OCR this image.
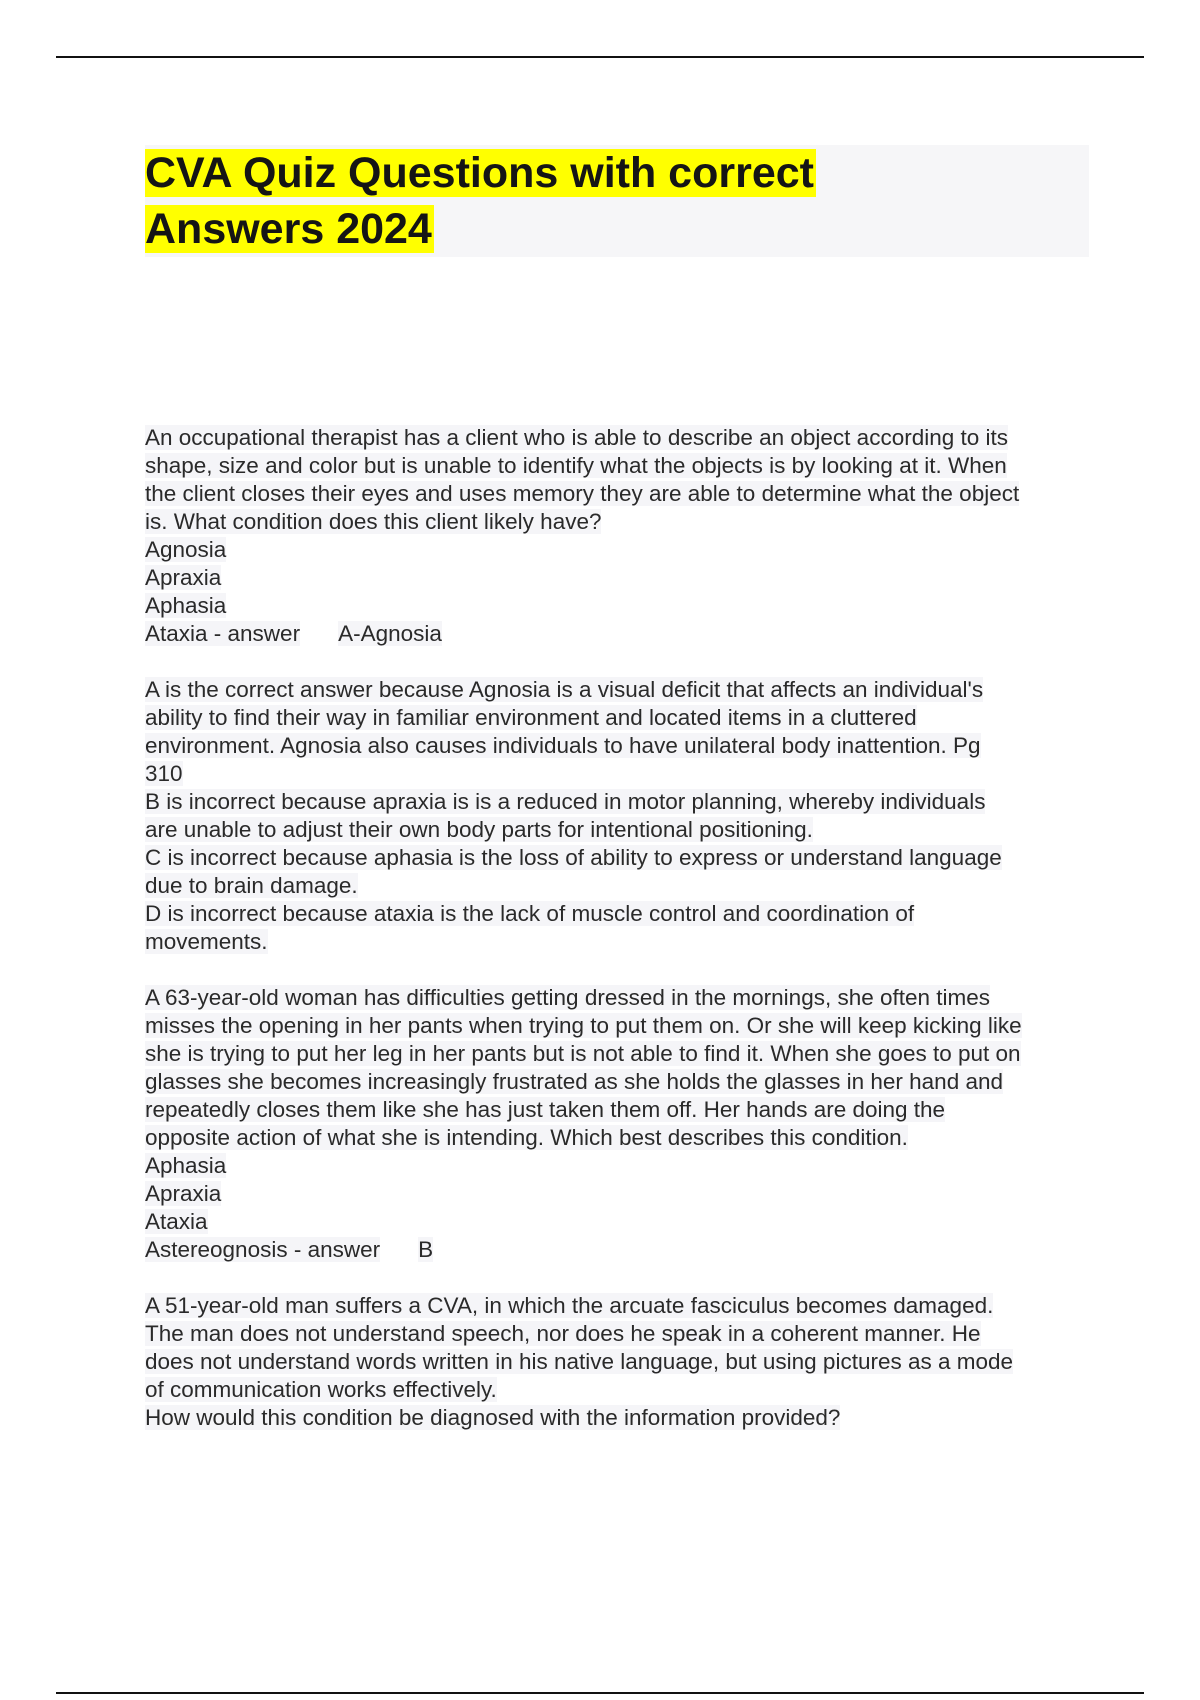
CVA Quiz Questions with correct
Answers 2024
An occupational therapist has a client who is able to describe an object according to its
shape, size and color but is unable to identify what the objects is by looking at it. When
the client closes their eyes and uses memory they are able to determine what the object
is. What condition does this client likely have?
Agnosia
Apraxia
Aphasia
Ataxia - answer A-Agnosia
A is the correct answer because Agnosia is a visual deficit that affects an individual's
ability to find their way in familiar environment and located items in a cluttered
environment. Agnosia also causes individuals to have unilateral body inattention. Pg
310
B is incorrect because apraxia is is a reduced in motor planning, whereby individuals
are unable to adjust their own body parts for intentional positioning.
C is incorrect because aphasia is the loss of ability to express or understand language
due to brain damage.
D is incorrect because ataxia is the lack of muscle control and coordination of
movements.
A 63-year-old woman has difficulties getting dressed in the mornings, she often times
misses the opening in her pants when trying to put them on. Or she will keep kicking like
she is trying to put her leg in her pants but is not able to find it. When she goes to put on
glasses she becomes increasingly frustrated as she holds the glasses in her hand and
repeatedly closes them like she has just taken them off. Her hands are doing the
opposite action of what she is intending. Which best describes this condition.
Aphasia
Apraxia
Ataxia
Astereognosis - answer B
A 51-year-old man suffers a CVA, in which the arcuate fasciculus becomes damaged.
The man does not understand speech, nor does he speak in a coherent manner. He
does not understand words written in his native language, but using pictures as a mode
of communication works effectively.
How would this condition be diagnosed with the information provided?
